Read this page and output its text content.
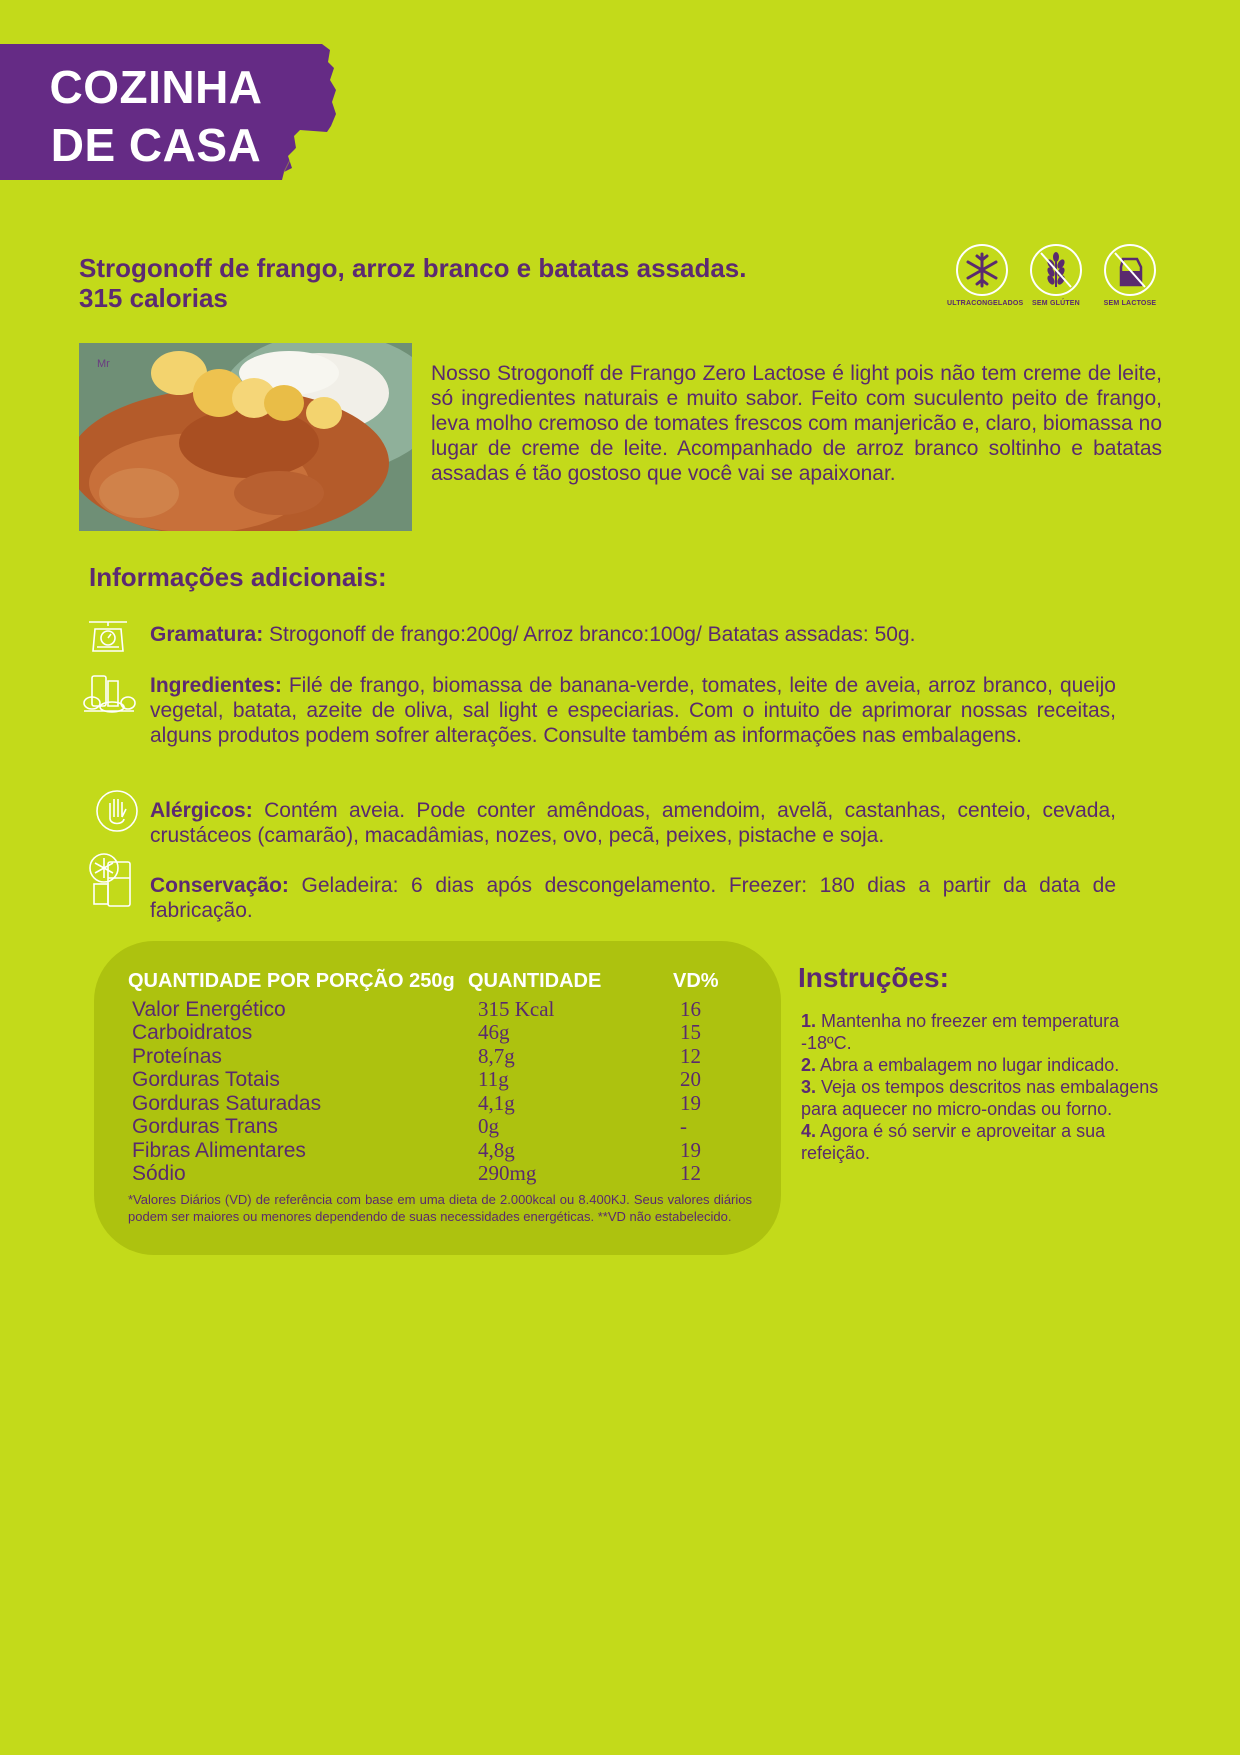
COZINHA
DE CASA
Strogonoff de frango, arroz branco e batatas assadas.
315 calorias	ULTRACONGELADOS	SEM GLÚTEN	SEM LACTOSE
Mr	Nosso Strogonoff de Frango Zero Lactose é light pois não tem creme de leite, só ingredientes naturais e muito sabor. Feito com suculento peito de frango, leva molho cremoso de tomates frescos com manjericão e, claro, biomassa no lugar de creme de leite. Acompanhado de arroz branco soltinho e batatas assadas é tão gostoso que você vai se apaixonar.
Informações adicionais:
Gramatura: Strogonoff de frango:200g/ Arroz branco:100g/ Batatas assadas: 50g.
Ingredientes: Filé de frango, biomassa de banana-verde, tomates, leite de aveia, arroz branco, queijo vegetal, batata, azeite de oliva, sal light e especiarias. Com o intuito de aprimorar nossas receitas, alguns produtos podem sofrer alterações. Consulte também as informações nas embalagens.
Alérgicos: Contém aveia. Pode conter amêndoas, amendoim, avelã, castanhas, centeio, cevada, crustáceos (camarão), macadâmias, nozes, ovo, pecã, peixes, pistache e soja.
Conservação: Geladeira: 6 dias após descongelamento. Freezer: 180 dias a partir da data de fabricação.
QUANTIDADE POR PORÇÃO 250g QUANTIDADE	VD%
Valor Energético	315 Kcal	16
Carboidratos	46g	15
Proteínas	8,7g	12
Gorduras Totais	11g	20
Gorduras Saturadas	4,1g	19
Gorduras Trans	0g	-
Fibras Alimentares	4,8g	19
Sódio	290mg	12
*Valores Diários (VD) de referência com base em uma dieta de 2.000kcal ou 8.400KJ. Seus valores diários podem ser maiores ou menores dependendo de suas necessidades energéticas. **VD não estabelecido.
Instruções:
1. Mantenha no freezer em temperatura -18ºC.
2. Abra a embalagem no lugar indicado.
3. Veja os tempos descritos nas embalagens para aquecer no micro-ondas ou forno.
4. Agora é só servir e aproveitar a sua refeição.
